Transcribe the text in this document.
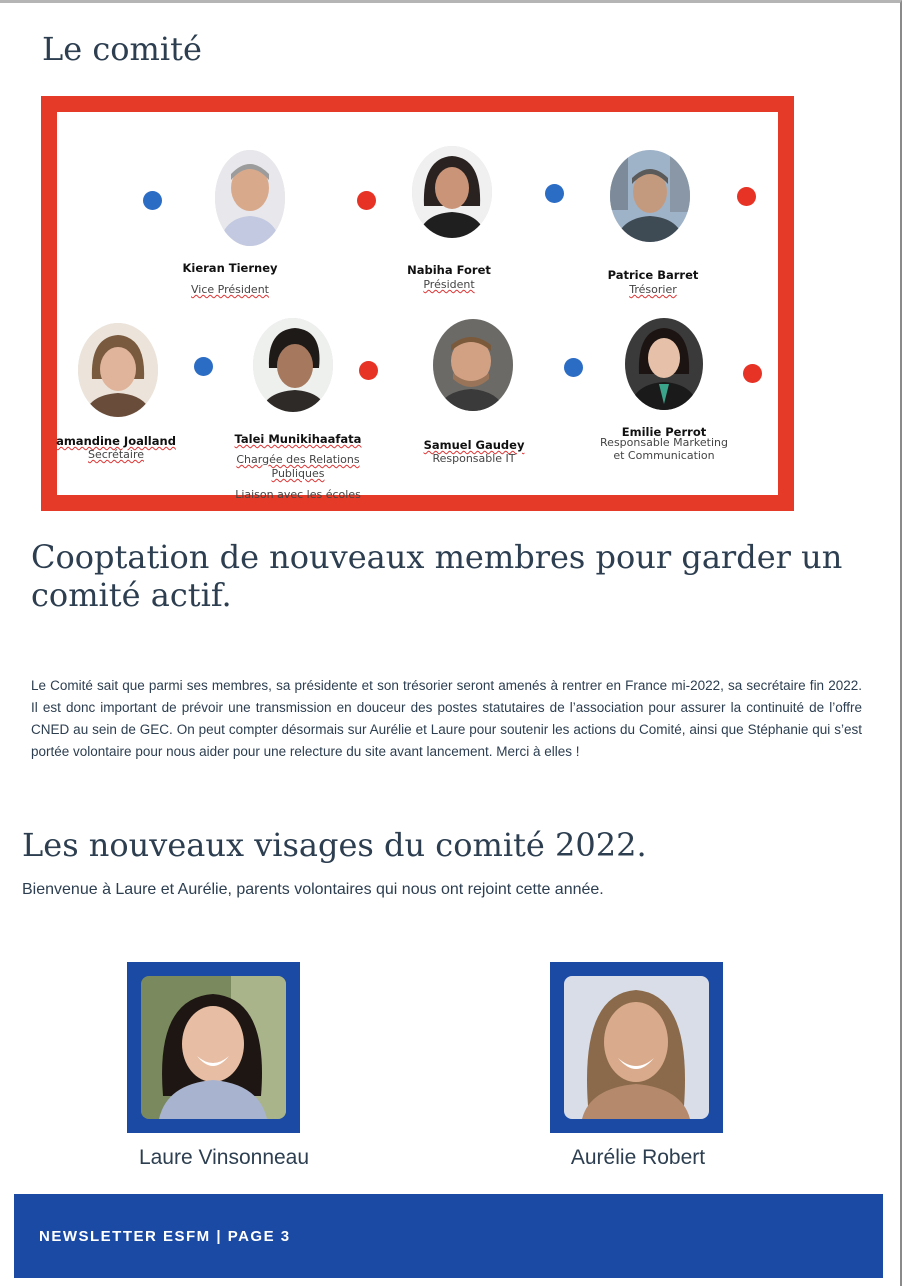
Le comité
Kieran Tierney
Vice Président
Nabiha Foret
Président
Patrice Barret
Trésorier
amandine Joalland
Secrétaire
Talei Munikihaafata
Chargée des Relations
Publiques
Liaison avec les écoles
Samuel Gaudey
Responsable IT
Emilie Perrot
Responsable Marketing
et Communication
Cooptation de nouveaux membres pour garder un comité actif.

Le Comité sait que parmi ses membres, sa présidente et son trésorier seront amenés à rentrer en France mi-2022, sa secrétaire fin 2022. Il est donc important de prévoir une transmission en douceur des postes statutaires de l’association pour assurer la continuité de l’offre CNED au sein de GEC. On peut compter désormais sur Aurélie et Laure pour soutenir les actions du Comité, ainsi que Stéphanie qui s’est portée volontaire pour nous aider pour une relecture du site avant lancement. Merci à elles !

Les nouveaux visages du comité 2022.

Bienvenue à Laure et Aurélie, parents volontaires qui nous ont rejoint cette année.

Laure Vinsonneau	Aurélie Robert
NEWSLETTER ESFM | PAGE 3
